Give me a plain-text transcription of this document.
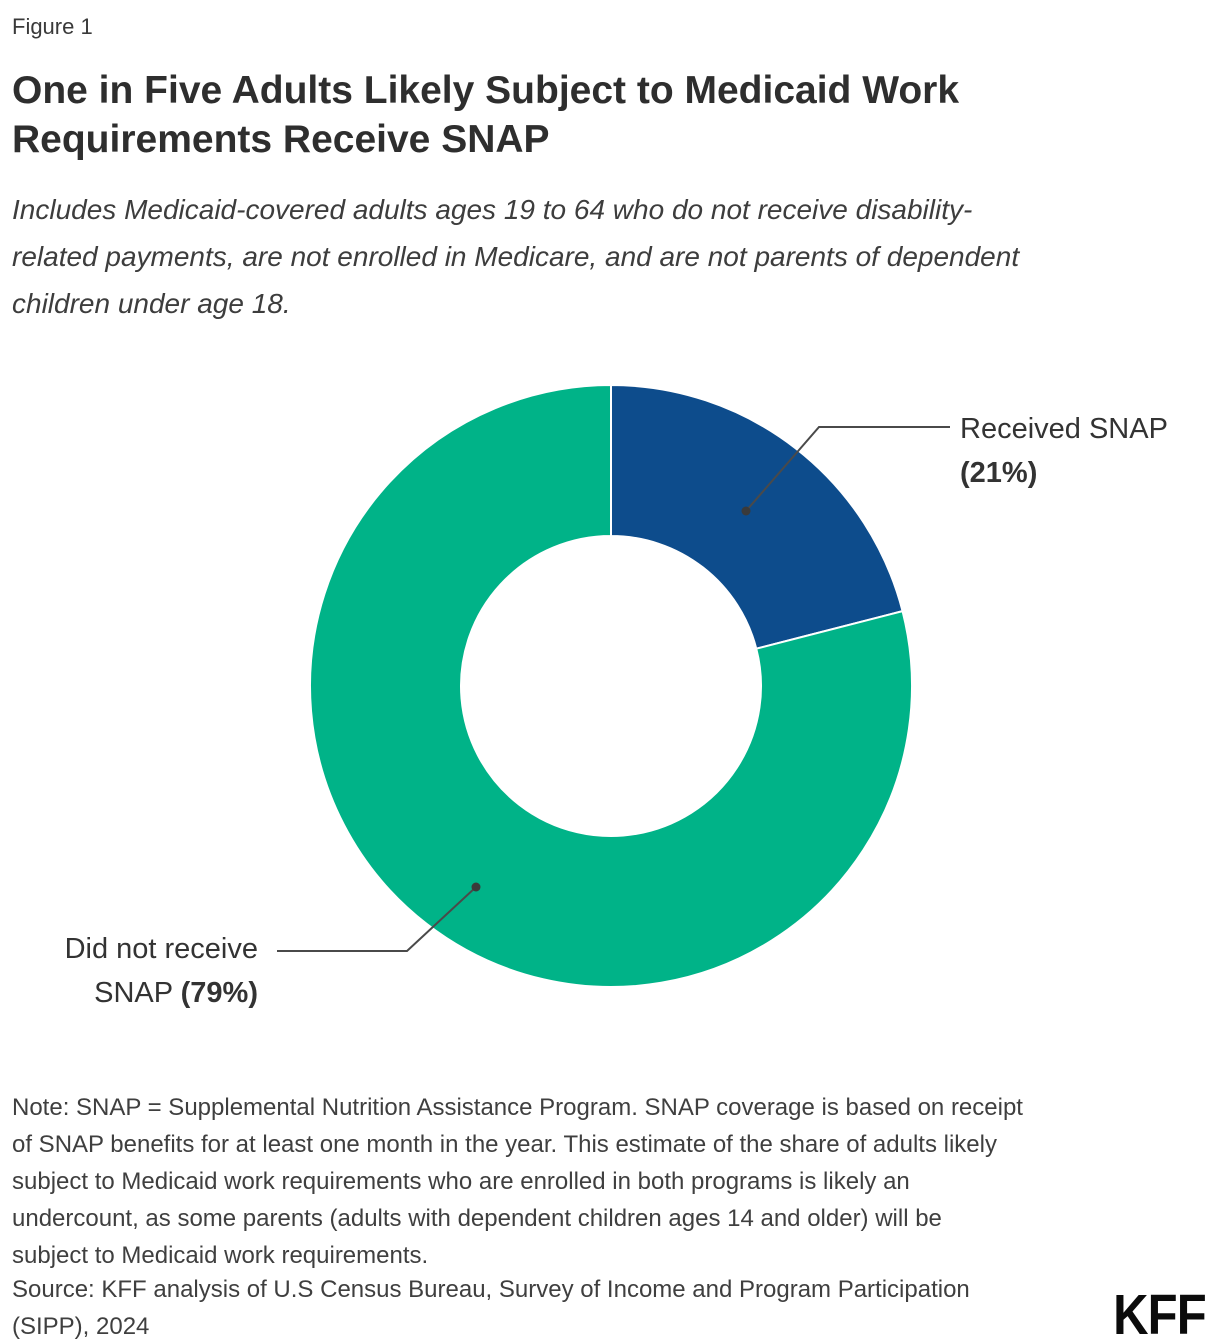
Figure 1
One in Five Adults Likely Subject to Medicaid Work
Requirements Receive SNAP
Includes Medicaid-covered adults ages 19 to 64 who do not receive disability-
related payments, are not enrolled in Medicare, and are not parents of dependent
children under age 18.
Received SNAP
(21%)
Did not receive
SNAP (79%)
Note: SNAP = Supplemental Nutrition Assistance Program. SNAP coverage is based on receipt
of SNAP benefits for at least one month in the year. This estimate of the share of adults likely
subject to Medicaid work requirements who are enrolled in both programs is likely an
undercount, as some parents (adults with dependent children ages 14 and older) will be
subject to Medicaid work requirements.
Source: KFF analysis of U.S Census Bureau, Survey of Income and Program Participation
(SIPP), 2024	KFF
